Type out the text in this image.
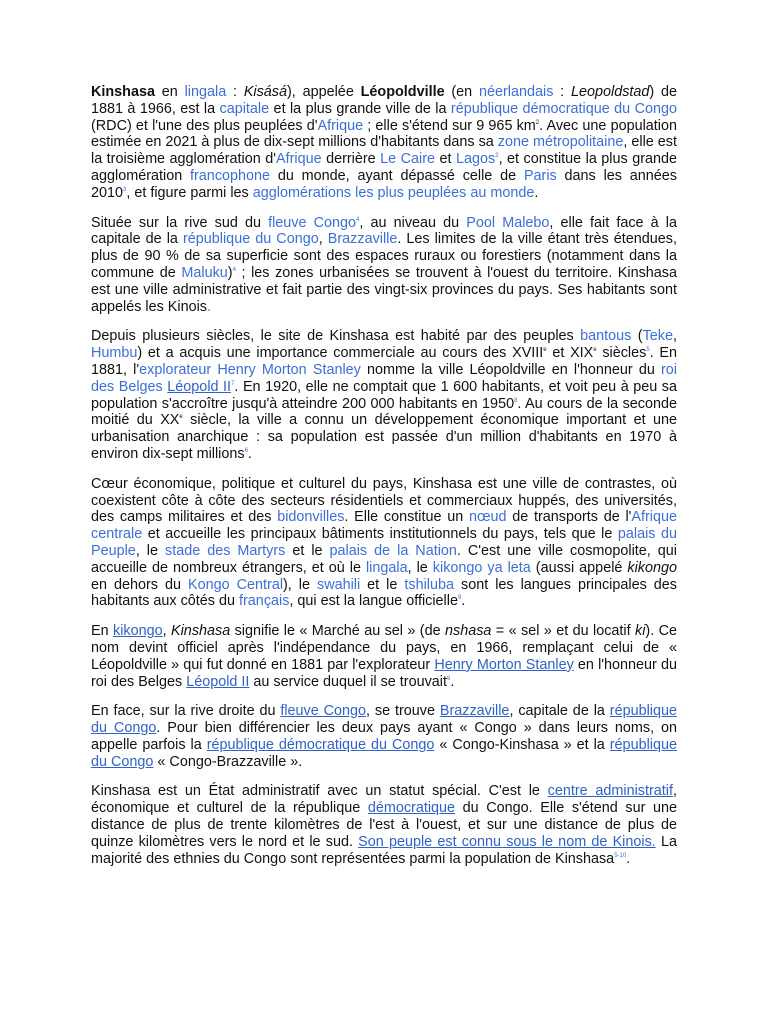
Kinshasa en lingala : Kisásá), appelée Léopoldville (en néerlandais : Leopoldstad) de 1881 à 1966, est la capitale et la plus grande ville de la république démocratique du Congo (RDC) et l'une des plus peuplées d'Afrique ; elle s'étend sur 9 965 $km^2$. Avec une population estimée en 2021 à plus de dix-sept millions d'habitants dans sa zone métropolitaine, elle est la troisième agglomération d'Afrique derrière Le Caire et Lagos$^2$, et constitue la plus grande agglomération francophone du monde, ayant dépassé celle de Paris dans les années 2010$^3$, et figure parmi les agglomérations les plus peuplées au monde.

Située sur la rive sud du fleuve Congo$^4$, au niveau du Pool Malebo, elle fait face à la capitale de la république du Congo, Brazzaville. Les limites de la ville étant très étendues, plus de 90 % de sa superficie sont des espaces ruraux ou forestiers (notamment dans la commune de Maluku)$^4$ ; les zones urbanisées se trouvent à l'ouest du territoire. Kinshasa est une ville administrative et fait partie des vingt-six provinces du pays. Ses habitants sont appelés les Kinois.

Depuis plusieurs siècles, le site de Kinshasa est habité par des peuples bantous (Teke, Humbu) et a acquis une importance commerciale au cours des XVIIIe et XIXe siècles$^5$. En 1881, l'explorateur Henry Morton Stanley nomme la ville Léopoldville en l'honneur du roi des Belges Léopold $II^7$. En 1920, elle ne comptait que 1 600 habitants, et voit peu à peu sa population s'accroître jusqu'à atteindre 200 000 habitants en 1950$^8$. Au cours de la seconde moitié du XXe siècle, la ville a connu un développement économique important et une urbanisation anarchique : sa population est passée d'un million d'habitants en 1970 à environ dix-sept millions$^6$.

Cœur économique, politique et culturel du pays, Kinshasa est une ville de contrastes, où coexistent côte à côte des secteurs résidentiels et commerciaux huppés, des universités, des camps militaires et des bidonvilles. Elle constitue un nœud de transports de l'Afrique centrale et accueille les principaux bâtiments institutionnels du pays, tels que le palais du Peuple, le stade des Martyrs et le palais de la Nation. C'est une ville cosmopolite, qui accueille de nombreux étrangers, et où le lingala, le kikongo ya leta (aussi appelé kikongo en dehors du Kongo Central), le swahili et le tshiluba sont les langues principales des habitants aux côtés du français, qui est la langue officielle$^9$.

En kikongo, Kinshasa signifie le « Marché au sel » (de nshasa = « sel » et du locatif ki). Ce nom devint officiel après l'indépendance du pays, en 1966, remplaçant celui de « Léopoldville » qui fut donné en 1881 par l'explorateur Henry Morton Stanley en l'honneur du roi des Belges Léopold II au service duquel il se trouvait$^6$.

En face, sur la rive droite du fleuve Congo, se trouve Brazzaville, capitale de la république du Congo. Pour bien différencier les deux pays ayant « Congo » dans leurs noms, on appelle parfois la république démocratique du Congo « Congo-Kinshasa » et la république du Congo « Congo-Brazzaville ».

Kinshasa est un État administratif avec un statut spécial. C'est le centre administratif, économique et culturel de la république démocratique du Congo. Elle s'étend sur une distance de plus de trente kilomètres de l'est à l'ouest, et sur une distance de plus de quinze kilomètres vers le nord et le sud. Son peuple est connu sous le nom de Kinois. La majorité des ethnies du Congo sont représentées parmi la population de Kinshasa$^{5-10}$.
